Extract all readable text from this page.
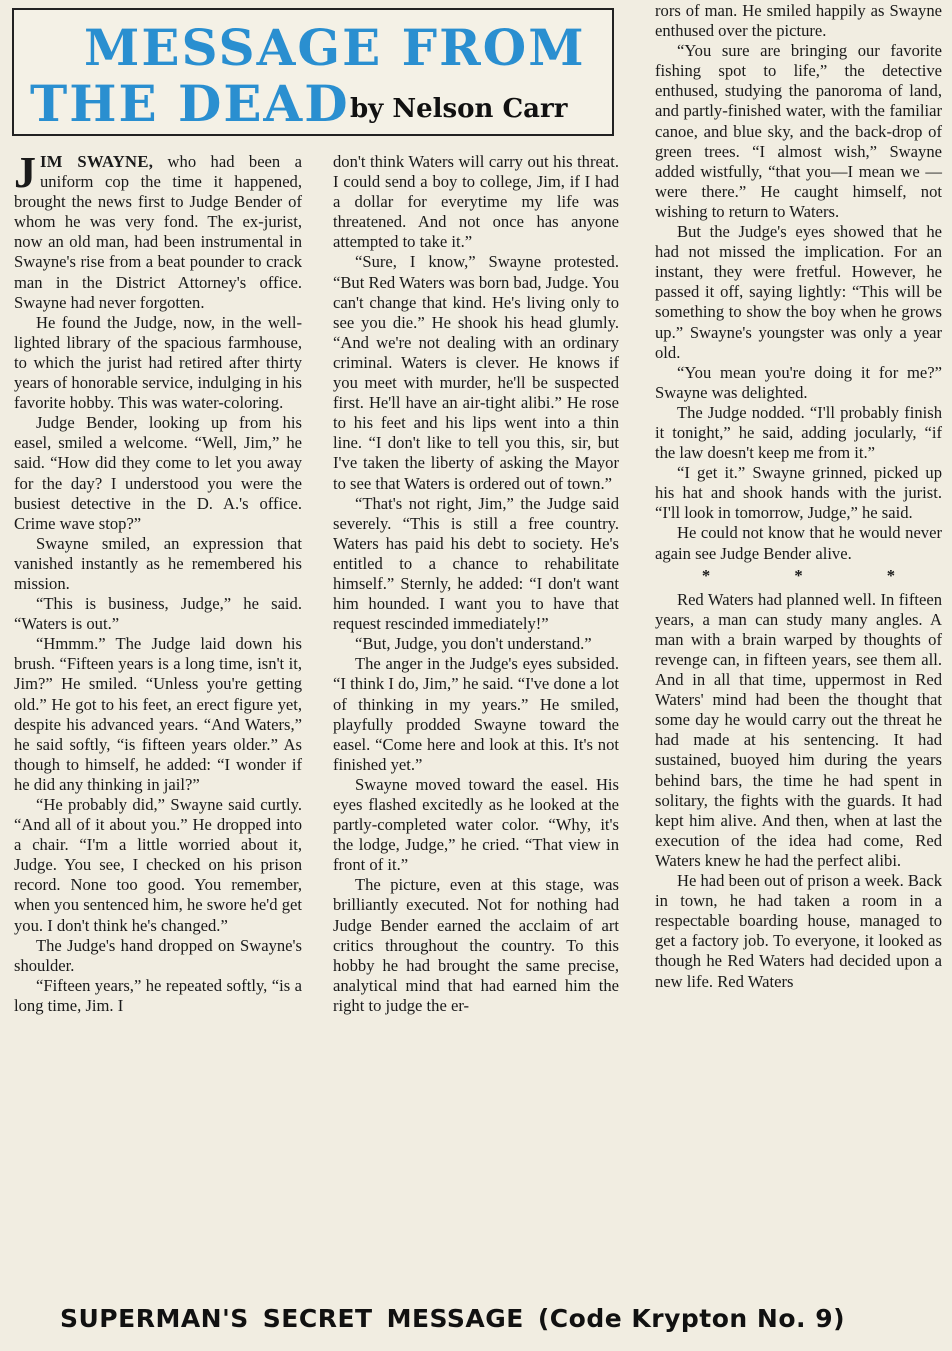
MESSAGE FROM
THE DEAD by Nelson Carr

JIM SWAYNE, who had been a uniform cop the time it happened, brought the news first to Judge Bender of whom he was very fond. The ex-jurist, now an old man, had been instrumental in Swayne's rise from a beat pounder to crack man in the District Attorney's office. Swayne had never forgotten.

He found the Judge, now, in the well-lighted library of the spacious farmhouse, to which the jurist had retired after thirty years of honorable service, indulging in his favorite hobby. This was water-coloring.

Judge Bender, looking up from his easel, smiled a welcome. “Well, Jim,” he said. “How did they come to let you away for the day? I understood you were the busiest detective in the D. A.'s office. Crime wave stop?”

Swayne smiled, an expression that vanished instantly as he remembered his mission.

“This is business, Judge,” he said. “Waters is out.”

“Hmmm.” The Judge laid down his brush. “Fifteen years is a long time, isn't it, Jim?” He smiled. “Unless you're getting old.” He got to his feet, an erect figure yet, despite his advanced years. “And Waters,” he said softly, “is fifteen years older.” As though to himself, he added: “I wonder if he did any thinking in jail?”

“He probably did,” Swayne said curtly. “And all of it about you.” He dropped into a chair. “I'm a little worried about it, Judge. You see, I checked on his prison record. None too good. You remember, when you sentenced him, he swore he'd get you. I don't think he's changed.”

The Judge's hand dropped on Swayne's shoulder.

“Fifteen years,” he repeated softly, “is a long time, Jim. I

don't think Waters will carry out his threat. I could send a boy to college, Jim, if I had a dollar for everytime my life was threatened. And not once has anyone attempted to take it.”

“Sure, I know,” Swayne protested. “But Red Waters was born bad, Judge. You can't change that kind. He's living only to see you die.” He shook his head glumly. “And we're not dealing with an ordinary criminal. Waters is clever. He knows if you meet with murder, he'll be suspected first. He'll have an air-tight alibi.” He rose to his feet and his lips went into a thin line. “I don't like to tell you this, sir, but I've taken the liberty of asking the Mayor to see that Waters is ordered out of town.”

“That's not right, Jim,” the Judge said severely. “This is still a free country. Waters has paid his debt to society. He's entitled to a chance to rehabilitate himself.” Sternly, he added: “I don't want him hounded. I want you to have that request rescinded immediately!”

“But, Judge, you don't understand.”

The anger in the Judge's eyes subsided. “I think I do, Jim,” he said. “I've done a lot of thinking in my years.” He smiled, playfully prodded Swayne toward the easel. “Come here and look at this. It's not finished yet.”

Swayne moved toward the easel. His eyes flashed excitedly as he looked at the partly-completed water color. “Why, it's the lodge, Judge,” he cried. “That view in front of it.”

The picture, even at this stage, was brilliantly executed. Not for nothing had Judge Bender earned the acclaim of art critics throughout the country. To this hobby he had brought the same precise, analytical mind that had earned him the right to judge the er-

rors of man. He smiled happily as Swayne enthused over the picture.

“You sure are bringing our favorite fishing spot to life,” the detective enthused, studying the panoroma of land, and partly-finished water, with the familiar canoe, and blue sky, and the back-drop of green trees. “I almost wish,” Swayne added wistfully, “that you—I mean we —were there.” He caught himself, not wishing to return to Waters.

But the Judge's eyes showed that he had not missed the implication. For an instant, they were fretful. However, he passed it off, saying lightly: “This will be something to show the boy when he grows up.” Swayne's youngster was only a year old.

“You mean you're doing it for me?” Swayne was delighted.

The Judge nodded. “I'll probably finish it tonight,” he said, adding jocularly, “if the law doesn't keep me from it.”

“I get it.” Swayne grinned, picked up his hat and shook hands with the jurist. “I'll look in tomorrow, Judge,” he said.

He could not know that he would never again see Judge Bender alive.

* * *

Red Waters had planned well. In fifteen years, a man can study many angles. A man with a brain warped by thoughts of revenge can, in fifteen years, see them all. And in all that time, uppermost in Red Waters' mind had been the thought that some day he would carry out the threat he had made at his sentencing. It had sustained, buoyed him during the years behind bars, the time he had spent in solitary, the fights with the guards. It had kept him alive. And then, when at last the execution of the idea had come, Red Waters knew he had the perfect alibi.

He had been out of prison a week. Back in town, he had taken a room in a respectable boarding house, managed to get a factory job. To everyone, it looked as though he Red Waters had decided upon a new life. Red Waters

SUPERMAN'S SECRET MESSAGE (Code Krypton No. 9)
